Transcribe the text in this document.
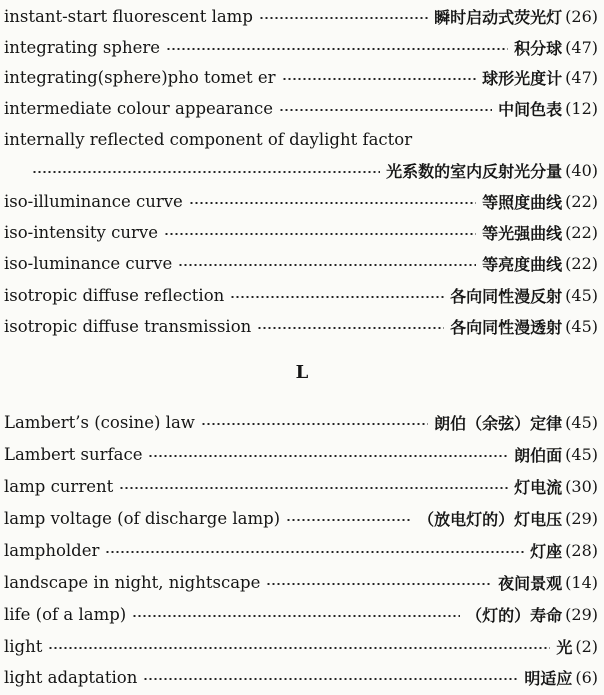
instant-start fluorescent lamp	瞬时启动式荧光灯 (26)
integrating sphere	积分球 (47)
integrating(sphere)pho tomet er	球形光度计 (47)
intermediate colour appearance	中间色表 (12)
internally reflected component of daylight factor
光系数的室内反射光分量 (40)
iso-illuminance curve	等照度曲线 (22)
iso-intensity curve	等光强曲线 (22)
iso-luminance curve	等亮度曲线 (22)
isotropic diffuse reflection	各向同性漫反射 (45)
isotropic diffuse transmission	各向同性漫透射 (45)
L
Lambert’s (cosine) law	朗伯（余弦）定律 (45)
Lambert surface	朗伯面 (45)
lamp current	灯电流 (30)
lamp voltage (of discharge lamp)	（放电灯的）灯电压 (29)
lampholder	灯座 (28)
landscape in night, nightscape	夜间景观 (14)
life (of a lamp)	（灯的）寿命 (29)
light	光 (2)
light adaptation	明适应 (6)
